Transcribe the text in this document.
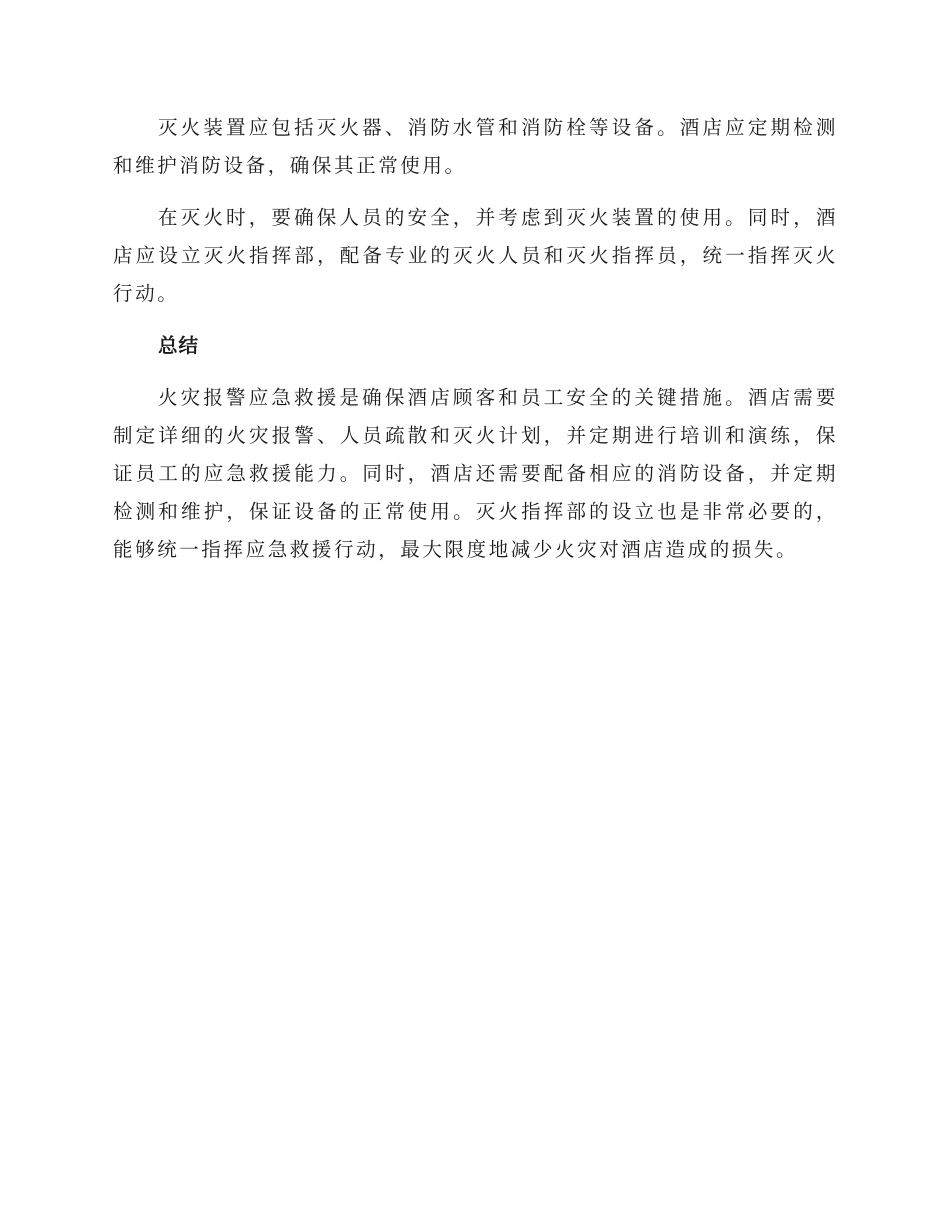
灭火装置应包括灭火器、消防水管和消防栓等设备。酒店应定期检测和维护消防设备，确保其正常使用。

在灭火时，要确保人员的安全，并考虑到灭火装置的使用。同时，酒店应设立灭火指挥部，配备专业的灭火人员和灭火指挥员，统一指挥灭火行动。

总结

火灾报警应急救援是确保酒店顾客和员工安全的关键措施。酒店需要制定详细的火灾报警、人员疏散和灭火计划，并定期进行培训和演练，保证员工的应急救援能力。同时，酒店还需要配备相应的消防设备，并定期检测和维护，保证设备的正常使用。灭火指挥部的设立也是非常必要的，能够统一指挥应急救援行动，最大限度地减少火灾对酒店造成的损失。
